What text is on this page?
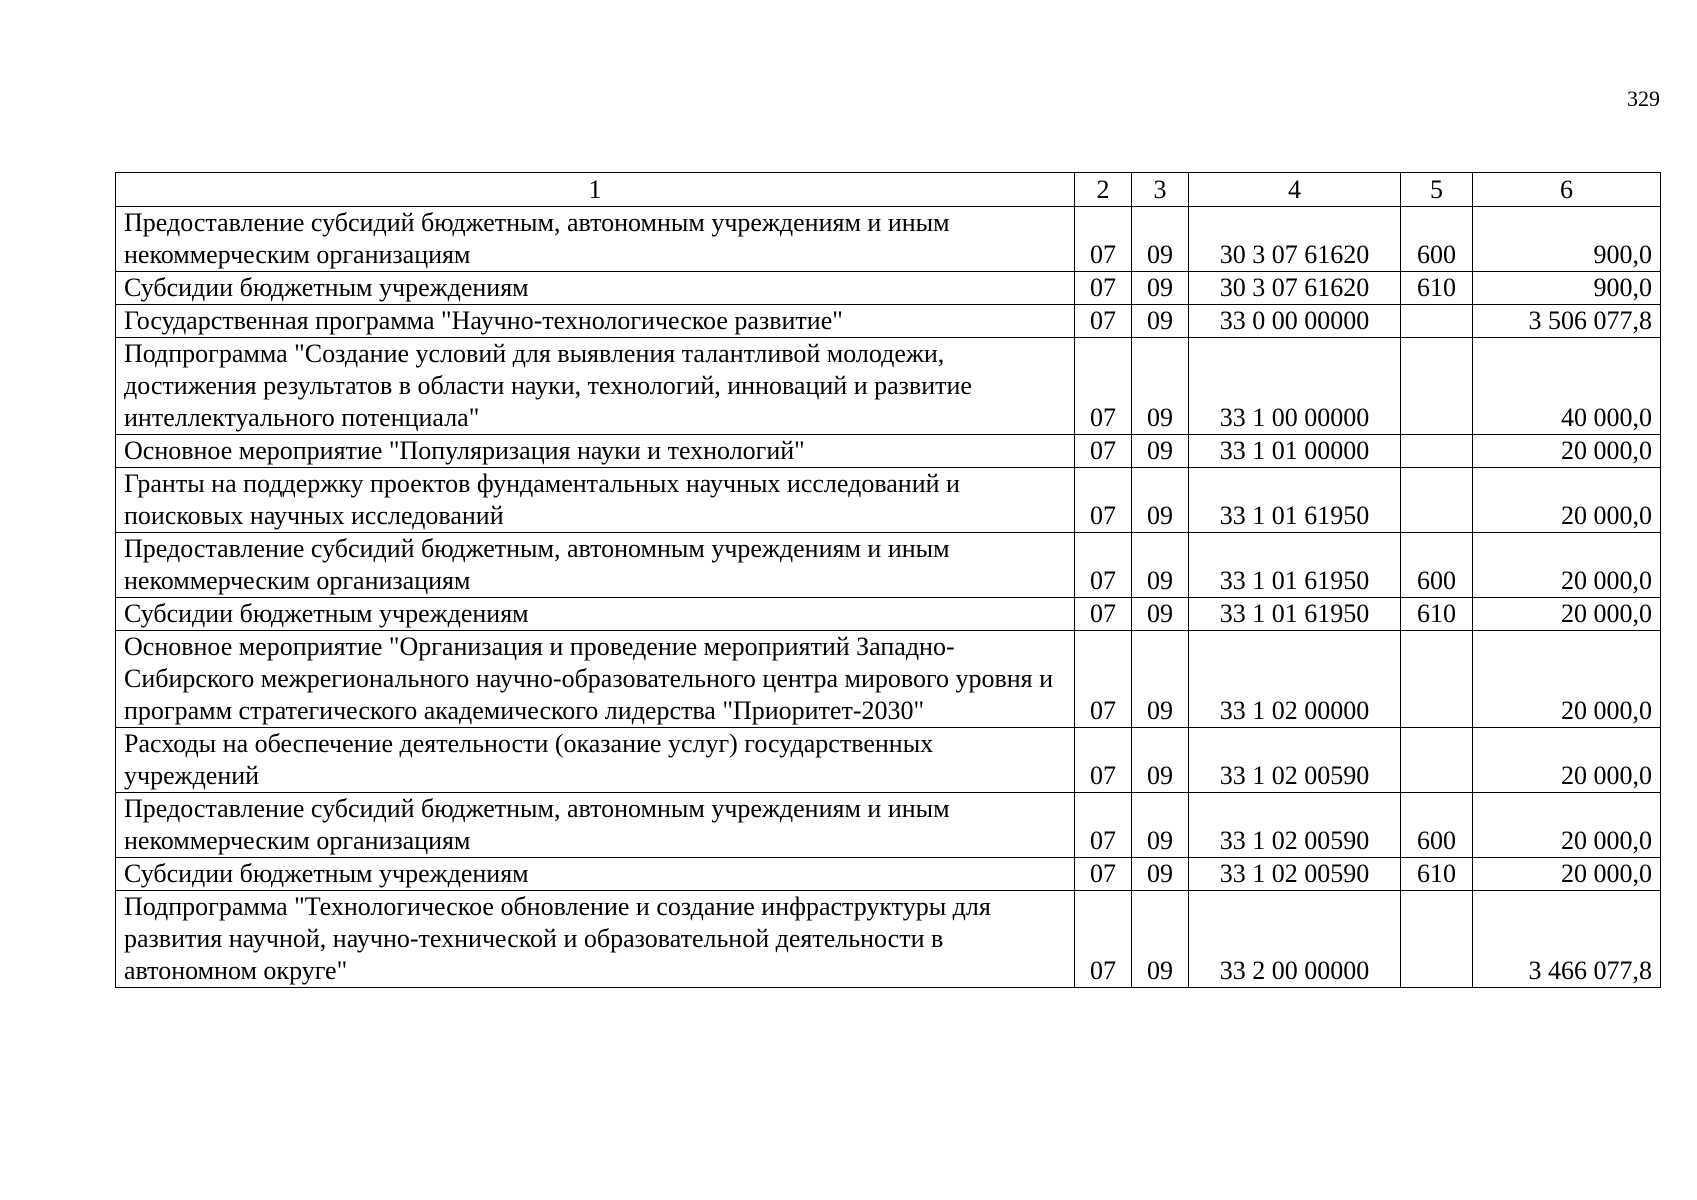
329
1	2	3	4	5	6
Предоставление субсидий бюджетным, автономным учреждениям и иным некоммерческим организациям	07	09	30 3 07 61620	600	900,0
Субсидии бюджетным учреждениям	07	09	30 3 07 61620	610	900,0
Государственная программа "Научно-технологическое развитие"	07	09	33 0 00 00000		3 506 077,8
Подпрограмма "Создание условий для выявления талантливой молодежи, достижения результатов в области науки, технологий, инноваций и развитие интеллектуального потенциала"	07	09	33 1 00 00000		40 000,0
Основное мероприятие "Популяризация науки и технологий"	07	09	33 1 01 00000		20 000,0
Гранты на поддержку проектов фундаментальных научных исследований и поисковых научных исследований	07	09	33 1 01 61950		20 000,0
Предоставление субсидий бюджетным, автономным учреждениям и иным некоммерческим организациям	07	09	33 1 01 61950	600	20 000,0
Субсидии бюджетным учреждениям	07	09	33 1 01 61950	610	20 000,0
Основное мероприятие "Организация и проведение мероприятий Западно-Сибирского межрегионального научно-образовательного центра мирового уровня и программ стратегического академического лидерства "Приоритет-2030"	07	09	33 1 02 00000		20 000,0
Расходы на обеспечение деятельности (оказание услуг) государственных учреждений	07	09	33 1 02 00590		20 000,0
Предоставление субсидий бюджетным, автономным учреждениям и иным некоммерческим организациям	07	09	33 1 02 00590	600	20 000,0
Субсидии бюджетным учреждениям	07	09	33 1 02 00590	610	20 000,0
Подпрограмма "Технологическое обновление и создание инфраструктуры для развития научной, научно-технической и образовательной деятельности в автономном округе"	07	09	33 2 00 00000		3 466 077,8
